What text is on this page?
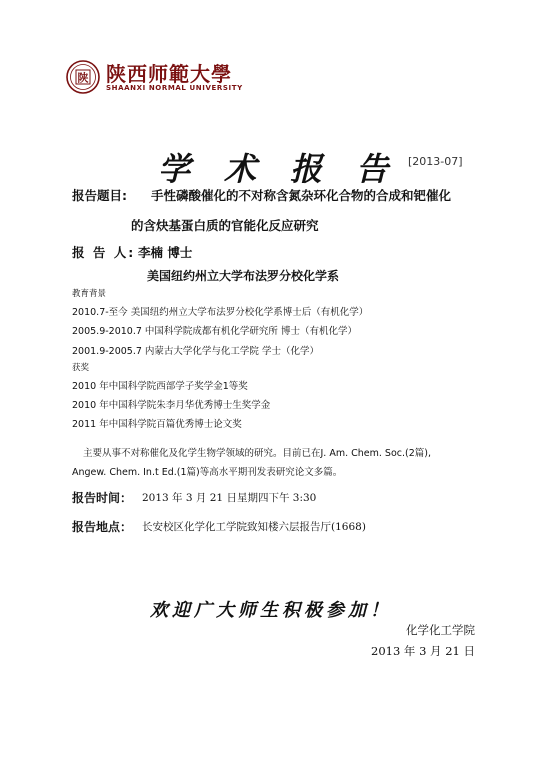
陕 陕西师範大學
SHAANXI NORMAL UNIVERSITY
学术报告
[2013-07]
报告题目: 手性磷酸催化的不对称含氮杂环化合物的合成和钯催化
的含炔基蛋白质的官能化反应研究
报 告 人: 李楠 博士
美国纽约州立大学布法罗分校化学系
教育背景
2010.7-至今 美国纽约州立大学布法罗分校化学系博士后（有机化学）
2005.9-2010.7 中国科学院成都有机化学研究所 博士（有机化学）
2001.9-2005.7 内蒙古大学化学与化工学院 学士（化学）
获奖
2010 年中国科学院西部学子奖学金1等奖
2010 年中国科学院朱李月华优秀博士生奖学金
2011 年中国科学院百篇优秀博士论文奖
主要从事不对称催化及化学生物学领域的研究。目前已在J. Am. Chem. Soc.(2篇),
Angew. Chem. In.t Ed.(1篇)等高水平期刊发表研究论文多篇。
报告时间： 2013 年 3 月 21 日星期四下午 3:30
报告地点： 长安校区化学化工学院致知楼六层报告厅(1668)
欢迎广大师生积极参加！
化学化工学院
2013 年 3 月 21 日
